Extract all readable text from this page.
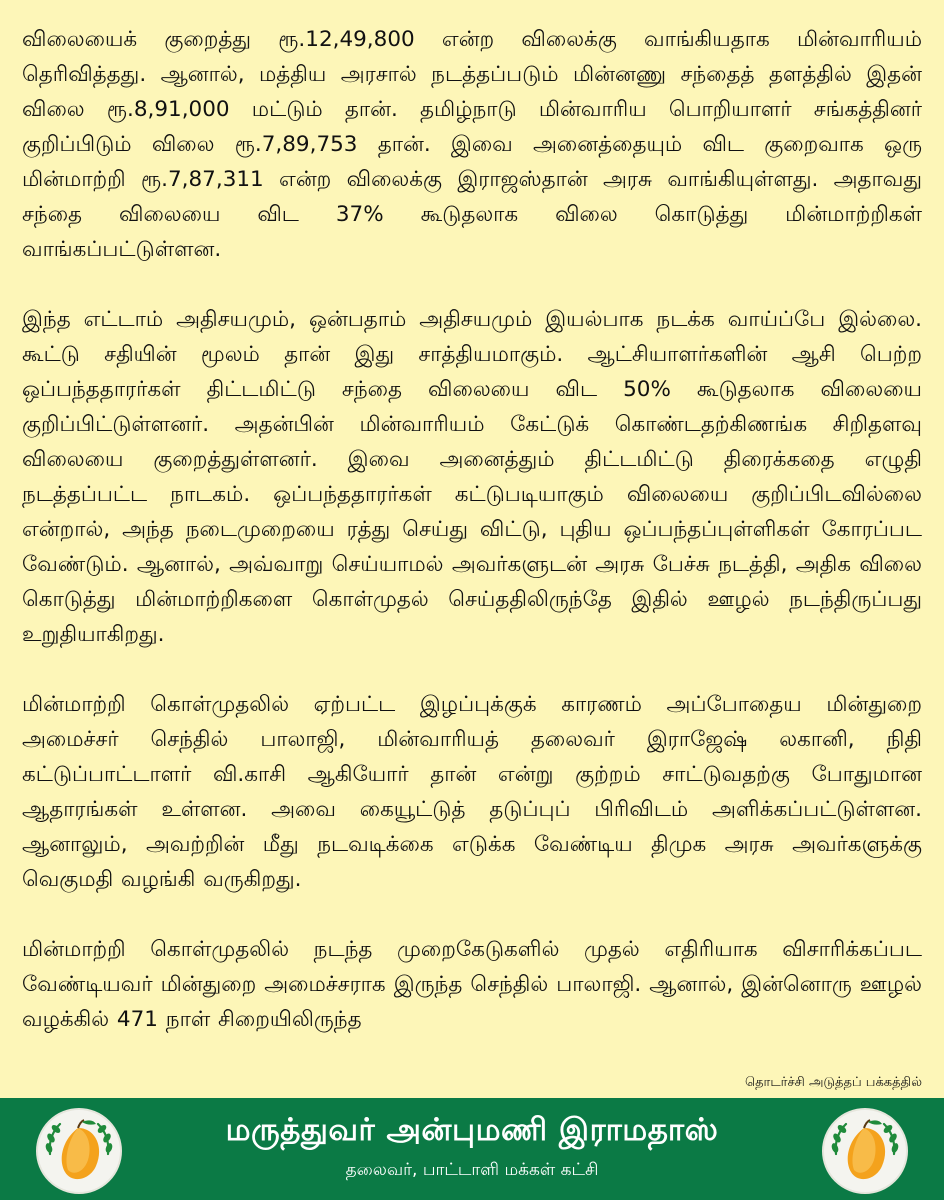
விலையைக் குறைத்து ரூ.12,49,800 என்ற விலைக்கு வாங்கியதாக மின்வாரியம் தெரிவித்தது. ஆனால், மத்திய அரசால் நடத்தப்படும் மின்னணு சந்தைத் தளத்தில் இதன் விலை ரூ.8,91,000 மட்டும் தான். தமிழ்நாடு மின்வாரிய பொறியாளர் சங்கத்தினர் குறிப்பிடும் விலை ரூ.7,89,753 தான். இவை அனைத்தையும் விட குறைவாக ஒரு மின்மாற்றி ரூ.7,87,311 என்ற விலைக்கு இராஜஸ்தான் அரசு வாங்கியுள்ளது. அதாவது சந்தை விலையை விட 37% கூடுதலாக விலை கொடுத்து மின்மாற்றிகள் வாங்கப்பட்டுள்ளன.

இந்த எட்டாம் அதிசயமும், ஒன்பதாம் அதிசயமும் இயல்பாக நடக்க வாய்ப்பே இல்லை. கூட்டு சதியின் மூலம் தான் இது சாத்தியமாகும். ஆட்சியாளர்களின் ஆசி பெற்ற ஒப்பந்ததாரர்கள் திட்டமிட்டு சந்தை விலையை விட 50% கூடுதலாக விலையை குறிப்பிட்டுள்ளனர். அதன்பின் மின்வாரியம் கேட்டுக் கொண்டதற்கிணங்க சிறிதளவு விலையை குறைத்துள்ளனர். இவை அனைத்தும் திட்டமிட்டு திரைக்கதை எழுதி நடத்தப்பட்ட நாடகம். ஒப்பந்ததாரர்கள் கட்டுபடியாகும் விலையை குறிப்பிடவில்லை என்றால், அந்த நடைமுறையை ரத்து செய்து விட்டு, புதிய ஒப்பந்தப்புள்ளிகள் கோரப்பட வேண்டும். ஆனால், அவ்வாறு செய்யாமல் அவர்களுடன் அரசு பேச்சு நடத்தி, அதிக விலை கொடுத்து மின்மாற்றிகளை கொள்முதல் செய்ததிலிருந்தே இதில் ஊழல் நடந்திருப்பது உறுதியாகிறது.

மின்மாற்றி கொள்முதலில் ஏற்பட்ட இழப்புக்குக் காரணம் அப்போதைய மின்துறை அமைச்சர் செந்தில் பாலாஜி, மின்வாரியத் தலைவர் இராஜேஷ் லகானி, நிதி கட்டுப்பாட்டாளர் வி.காசி ஆகியோர் தான் என்று குற்றம் சாட்டுவதற்கு போதுமான ஆதாரங்கள் உள்ளன. அவை கையூட்டுத் தடுப்புப் பிரிவிடம் அளிக்கப்பட்டுள்ளன. ஆனாலும், அவற்றின் மீது நடவடிக்கை எடுக்க வேண்டிய திமுக அரசு அவர்களுக்கு வெகுமதி வழங்கி வருகிறது.

மின்மாற்றி கொள்முதலில் நடந்த முறைகேடுகளில் முதல் எதிரியாக விசாரிக்கப்பட வேண்டியவர் மின்துறை அமைச்சராக இருந்த செந்தில் பாலாஜி. ஆனால், இன்னொரு ஊழல் வழக்கில் 471 நாள் சிறையிலிருந்த

தொடர்ச்சி அடுத்தப் பக்கத்தில்
மருத்துவர் அன்புமணி இராமதாஸ்
தலைவர், பாட்டாளி மக்கள் கட்சி
